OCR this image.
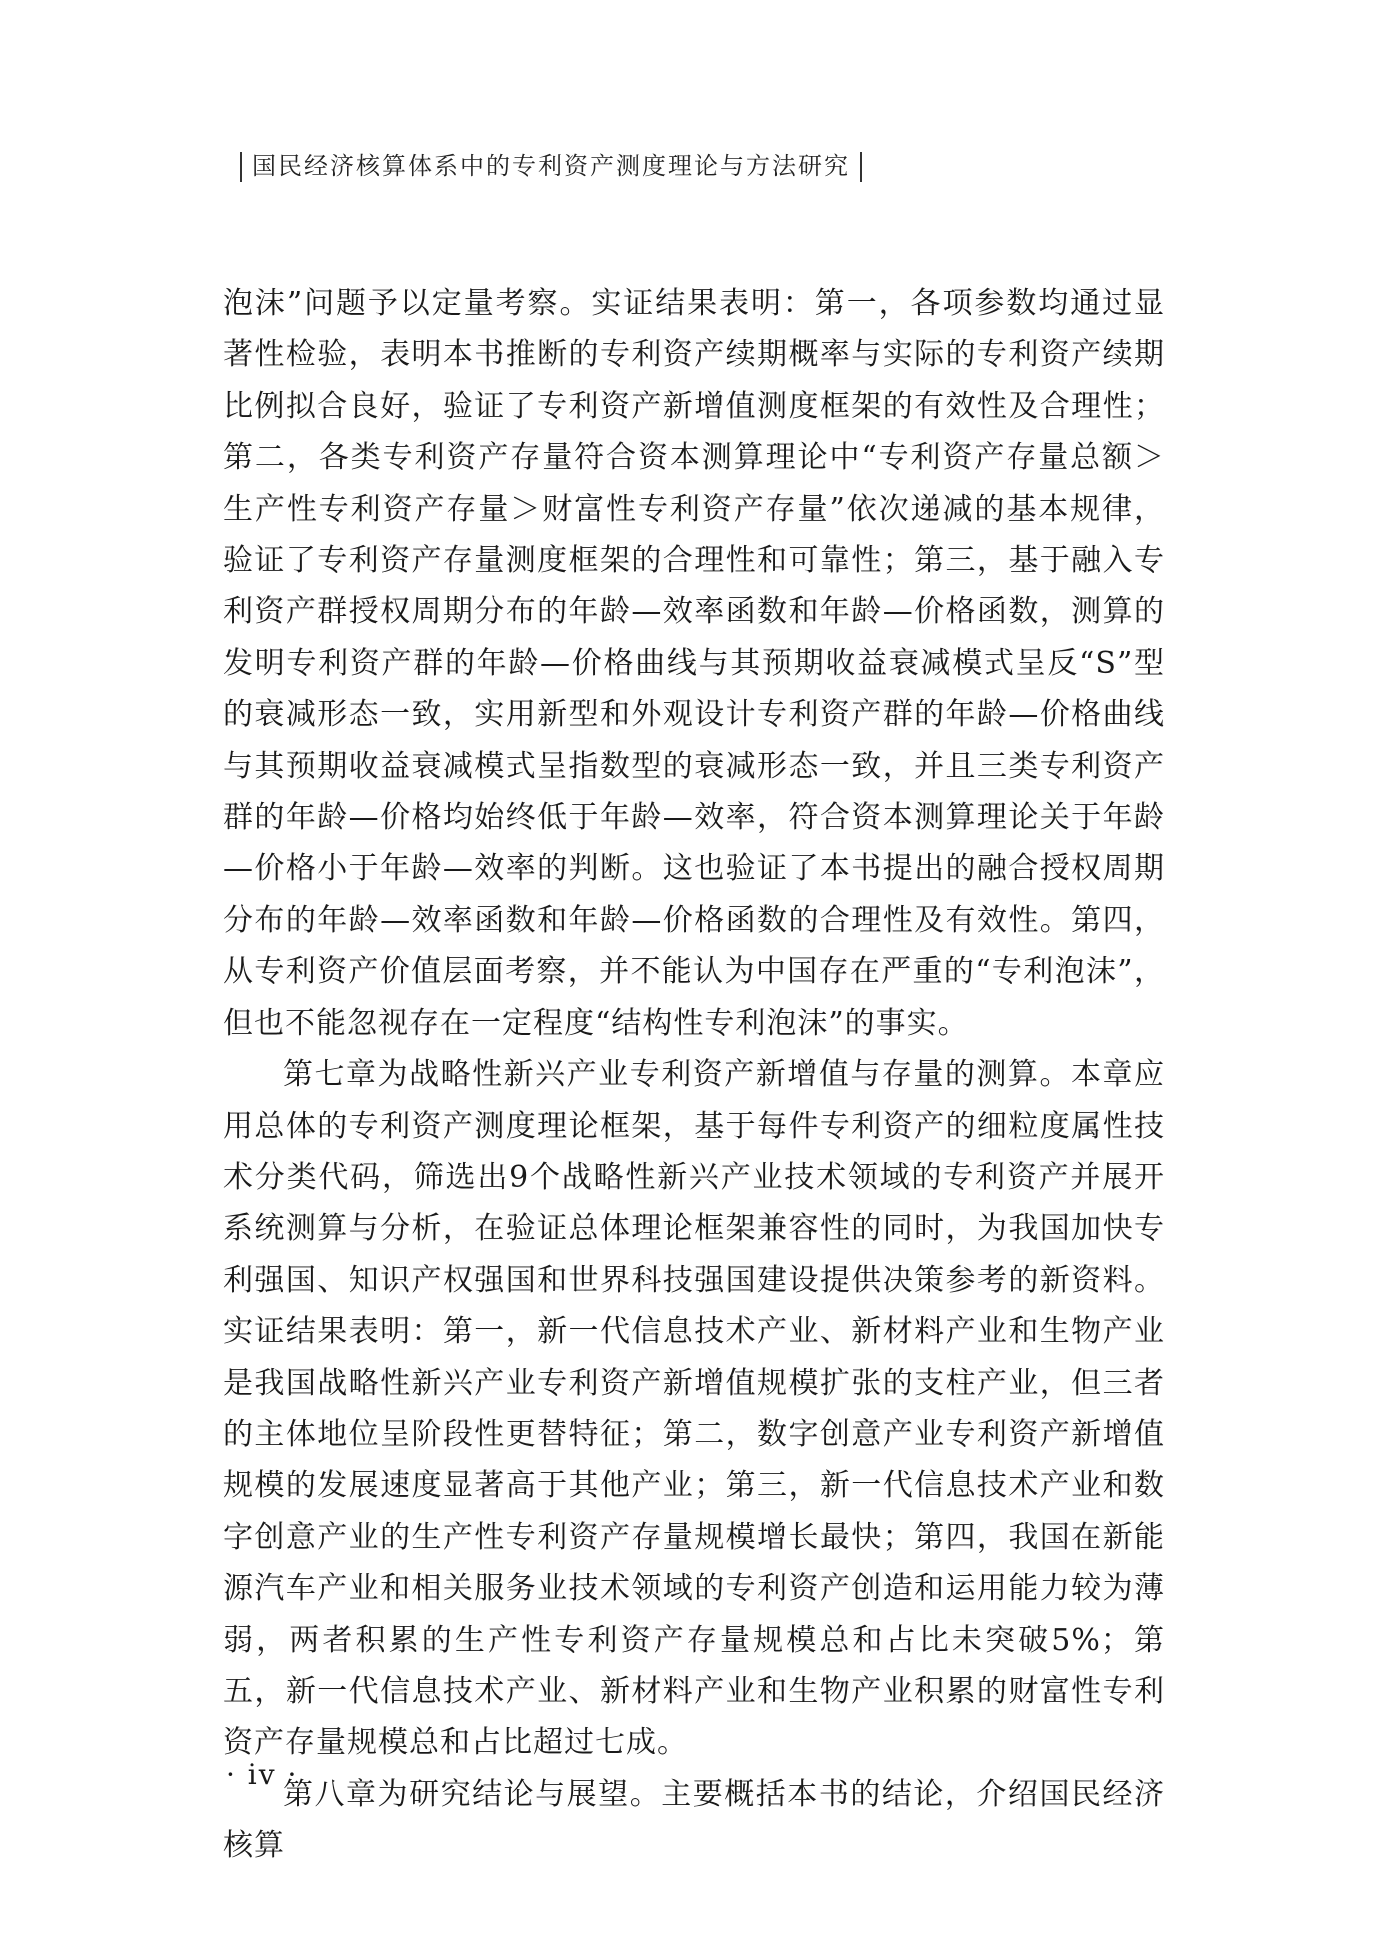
国民经济核算体系中的专利资产测度理论与方法研究

泡沫”问题予以定量考察。实证结果表明：第一，各项参数均通过显著性检验，表明本书推断的专利资产续期概率与实际的专利资产续期比例拟合良好，验证了专利资产新增值测度框架的有效性及合理性；第二，各类专利资产存量符合资本测算理论中“专利资产存量总额＞生产性专利资产存量＞财富性专利资产存量”依次递减的基本规律，验证了专利资产存量测度框架的合理性和可靠性；第三，基于融入专利资产群授权周期分布的年龄—效率函数和年龄—价格函数，测算的发明专利资产群的年龄—价格曲线与其预期收益衰减模式呈反“S”型的衰减形态一致，实用新型和外观设计专利资产群的年龄—价格曲线与其预期收益衰减模式呈指数型的衰减形态一致，并且三类专利资产群的年龄—价格均始终低于年龄—效率，符合资本测算理论关于年龄—价格小于年龄—效率的判断。这也验证了本书提出的融合授权周期分布的年龄—效率函数和年龄—价格函数的合理性及有效性。第四，从专利资产价值层面考察，并不能认为中国存在严重的“专利泡沫”，但也不能忽视存在一定程度“结构性专利泡沫”的事实。

第七章为战略性新兴产业专利资产新增值与存量的测算。本章应用总体的专利资产测度理论框架，基于每件专利资产的细粒度属性技术分类代码，筛选出9个战略性新兴产业技术领域的专利资产并展开系统测算与分析，在验证总体理论框架兼容性的同时，为我国加快专利强国、知识产权强国和世界科技强国建设提供决策参考的新资料。实证结果表明：第一，新一代信息技术产业、新材料产业和生物产业是我国战略性新兴产业专利资产新增值规模扩张的支柱产业，但三者的主体地位呈阶段性更替特征；第二，数字创意产业专利资产新增值规模的发展速度显著高于其他产业；第三，新一代信息技术产业和数字创意产业的生产性专利资产存量规模增长最快；第四，我国在新能源汽车产业和相关服务业技术领域的专利资产创造和运用能力较为薄弱，两者积累的生产性专利资产存量规模总和占比未突破5%；第五，新一代信息技术产业、新材料产业和生物产业积累的财富性专利资产存量规模总和占比超过七成。

第八章为研究结论与展望。主要概括本书的结论，介绍国民经济核算

· iv ·
